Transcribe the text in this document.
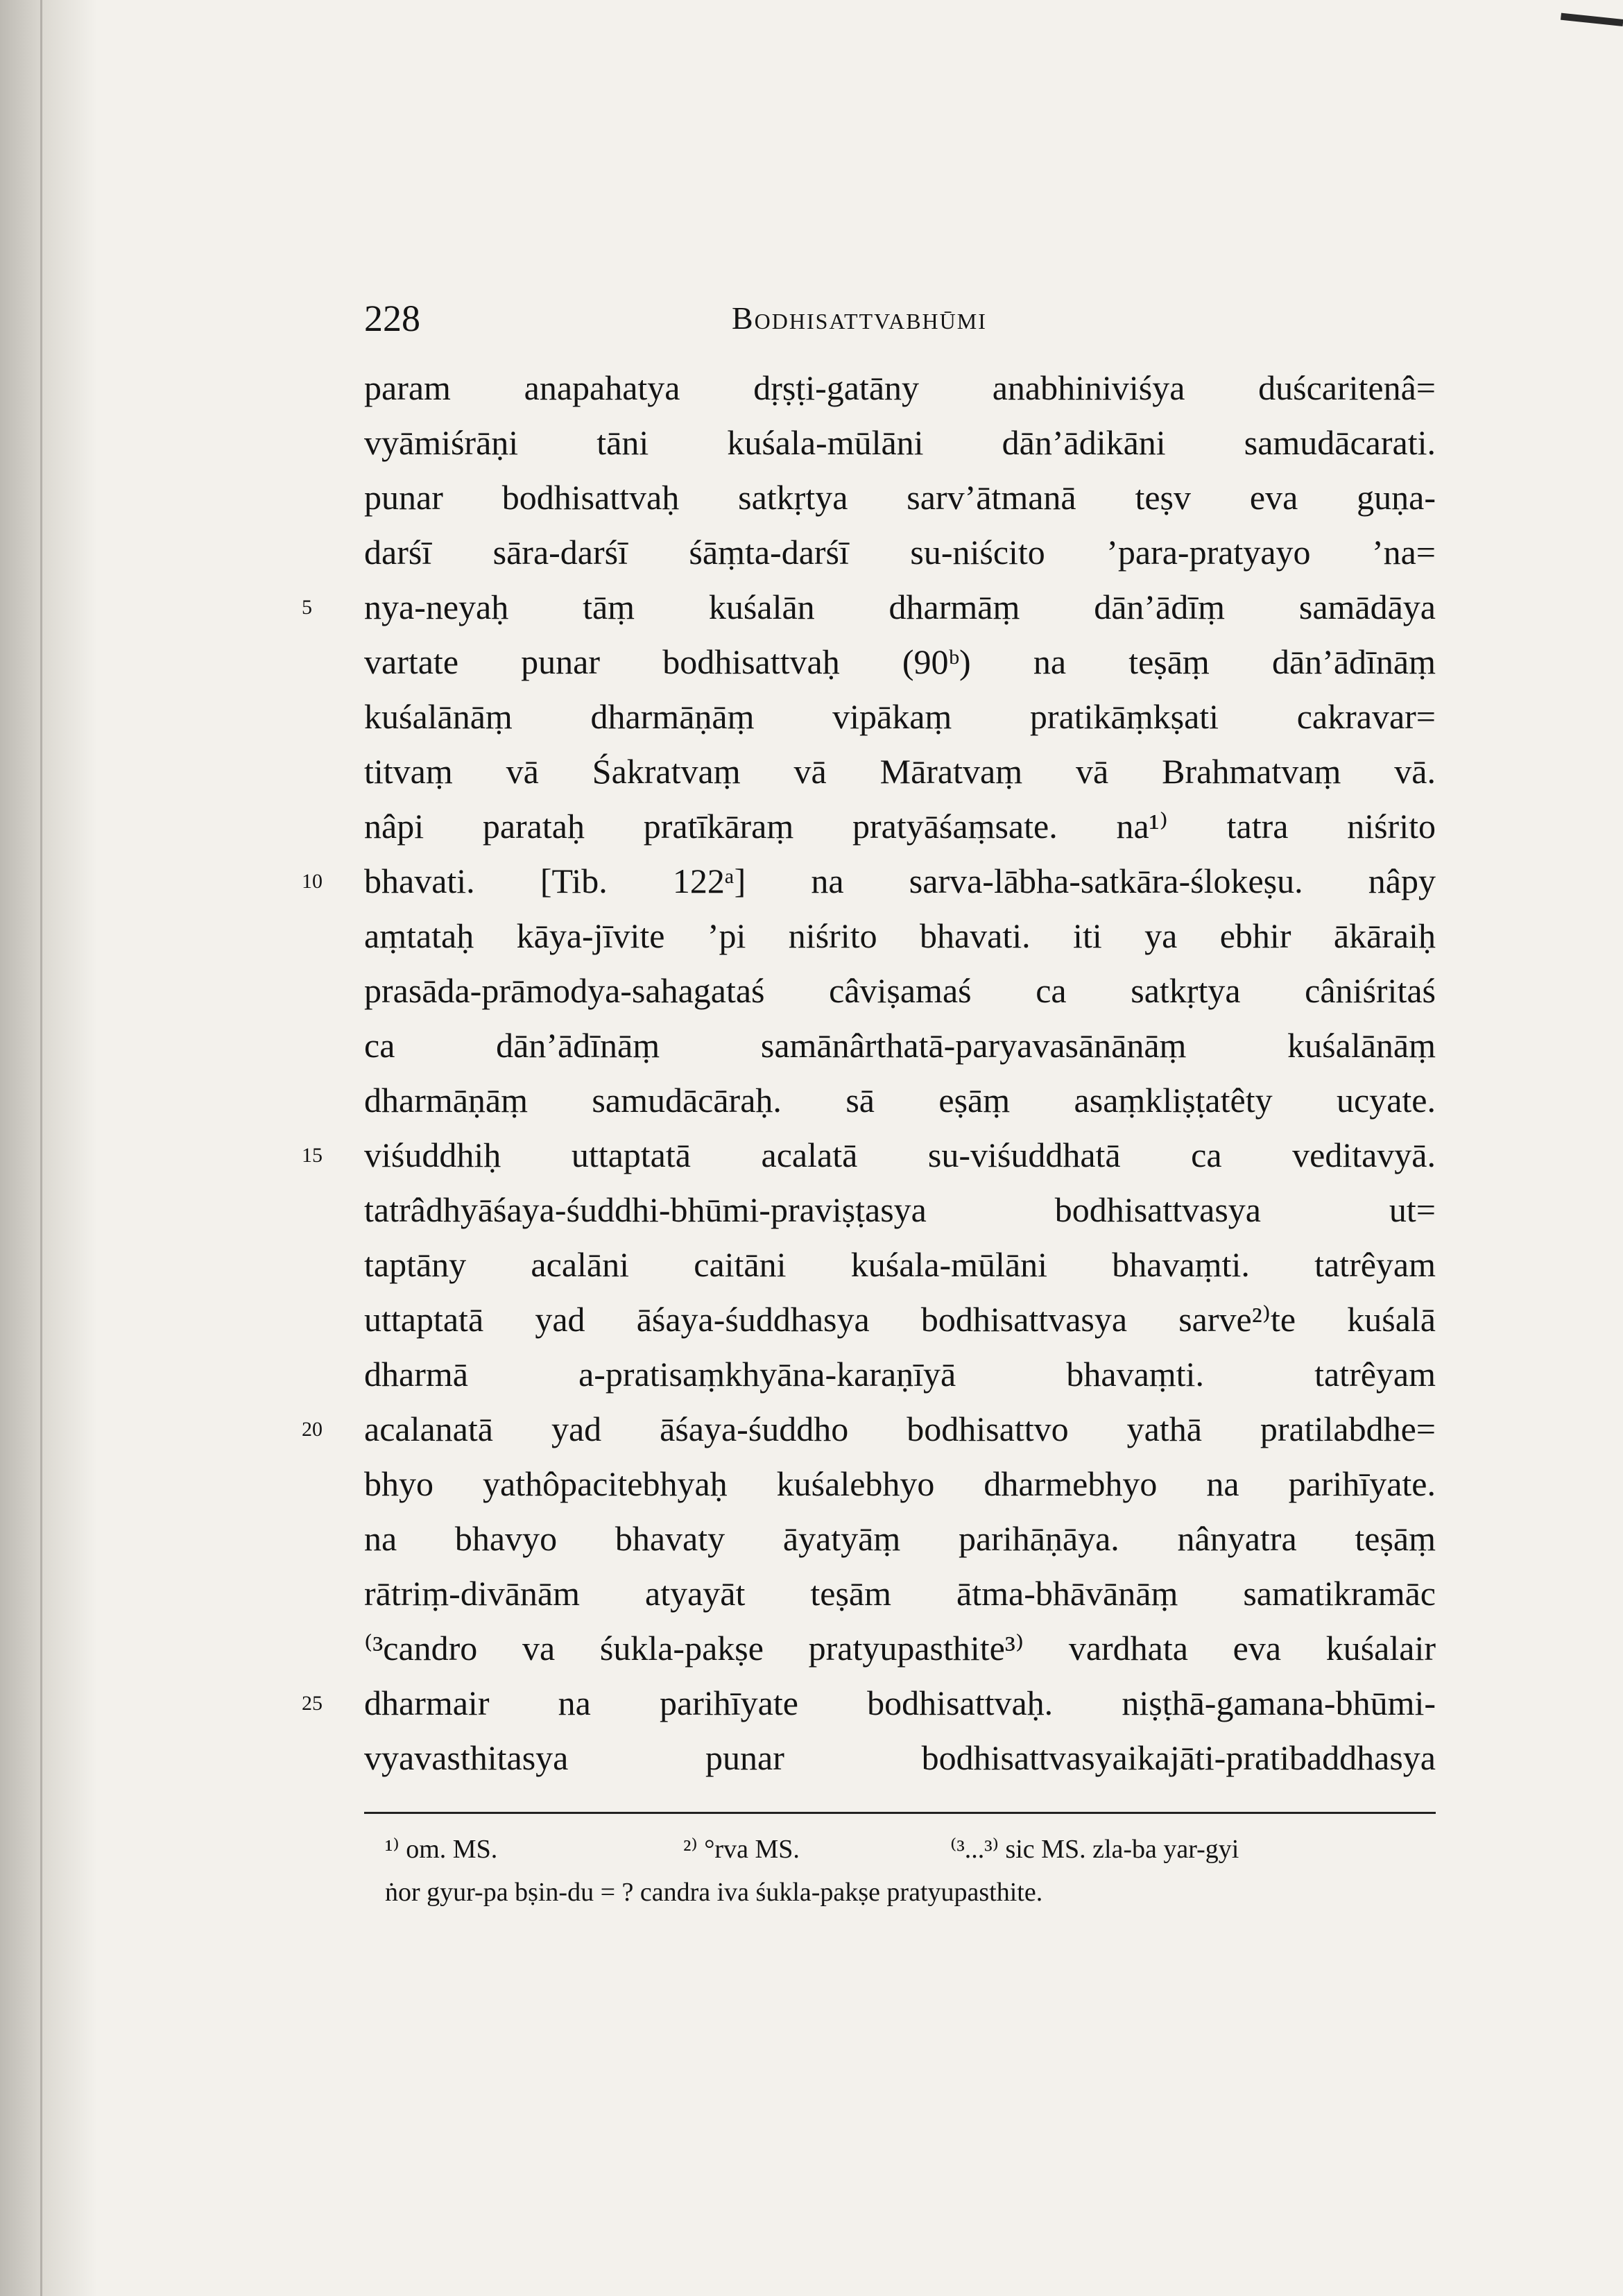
228	Bodhisattvabhūmi
param anapahatya dṛṣṭi-gatāny anabhiniviśya duścaritenâ=
vyāmiśrāṇi tāni kuśala-mūlāni dān’ādikāni samudācarati.
punar bodhisattvaḥ satkṛtya sarv’ātmanā teṣv eva guṇa-
darśī sāra-darśī śāṃta-darśī su-niścito ’para-pratyayo ’na=
5	nya-neyaḥ tāṃ kuśalān dharmāṃ dān’ādīṃ samādāya
vartate punar bodhisattvaḥ (90ᵇ) na teṣāṃ dān’ādīnāṃ
kuśalānāṃ dharmāṇāṃ vipākaṃ pratikāṃkṣati cakravar=
titvaṃ vā Śakratvaṃ vā Māratvaṃ vā Brahmatvaṃ vā.
nâpi parataḥ pratīkāraṃ pratyāśaṃsate. na¹⁾ tatra niśrito
10	bhavati. [Tib. 122ᵃ] na sarva-lābha-satkāra-ślokeṣu. nâpy
aṃtataḥ kāya-jīvite ’pi niśrito bhavati. iti ya ebhir ākāraiḥ
prasāda-prāmodya-sahagataś câviṣamaś ca satkṛtya câniśritaś
ca dān’ādīnāṃ samānârthatā-paryavasānānāṃ kuśalānāṃ
dharmāṇāṃ samudācāraḥ. sā eṣāṃ asaṃkliṣṭatêty ucyate.
15	viśuddhiḥ uttaptatā acalatā su-viśuddhatā ca veditavyā.
tatrâdhyāśaya-śuddhi-bhūmi-praviṣṭasya bodhisattvasya ut=
taptāny acalāni caitāni kuśala-mūlāni bhavaṃti. tatrêyam
uttaptatā yad āśaya-śuddhasya bodhisattvasya sarve²⁾te kuśalā
dharmā a-pratisaṃkhyāna-karaṇīyā bhavaṃti. tatrêyam
20	acalanatā yad āśaya-śuddho bodhisattvo yathā pratilabdhe=
bhyo yathôpacitebhyaḥ kuśalebhyo dharmebhyo na parihīyate.
na bhavyo bhavaty āyatyāṃ parihāṇāya. nânyatra teṣāṃ
rātriṃ-divānām atyayāt teṣām ātma-bhāvānāṃ samatikramāc
⁽³candro va śukla-pakṣe pratyupasthite³⁾ vardhata eva kuśalair
25	dharmair na parihīyate bodhisattvaḥ. niṣṭhā-gamana-bhūmi-
vyavasthitasya punar bodhisattvasyaikajāti-pratibaddhasya
¹⁾ om. MS.	²⁾ °rva MS.	⁽³...³⁾ sic MS. zla-ba yar-gyi
ṅor gyur-pa bṣin-du = ? candra iva śukla-pakṣe pratyupasthite.
